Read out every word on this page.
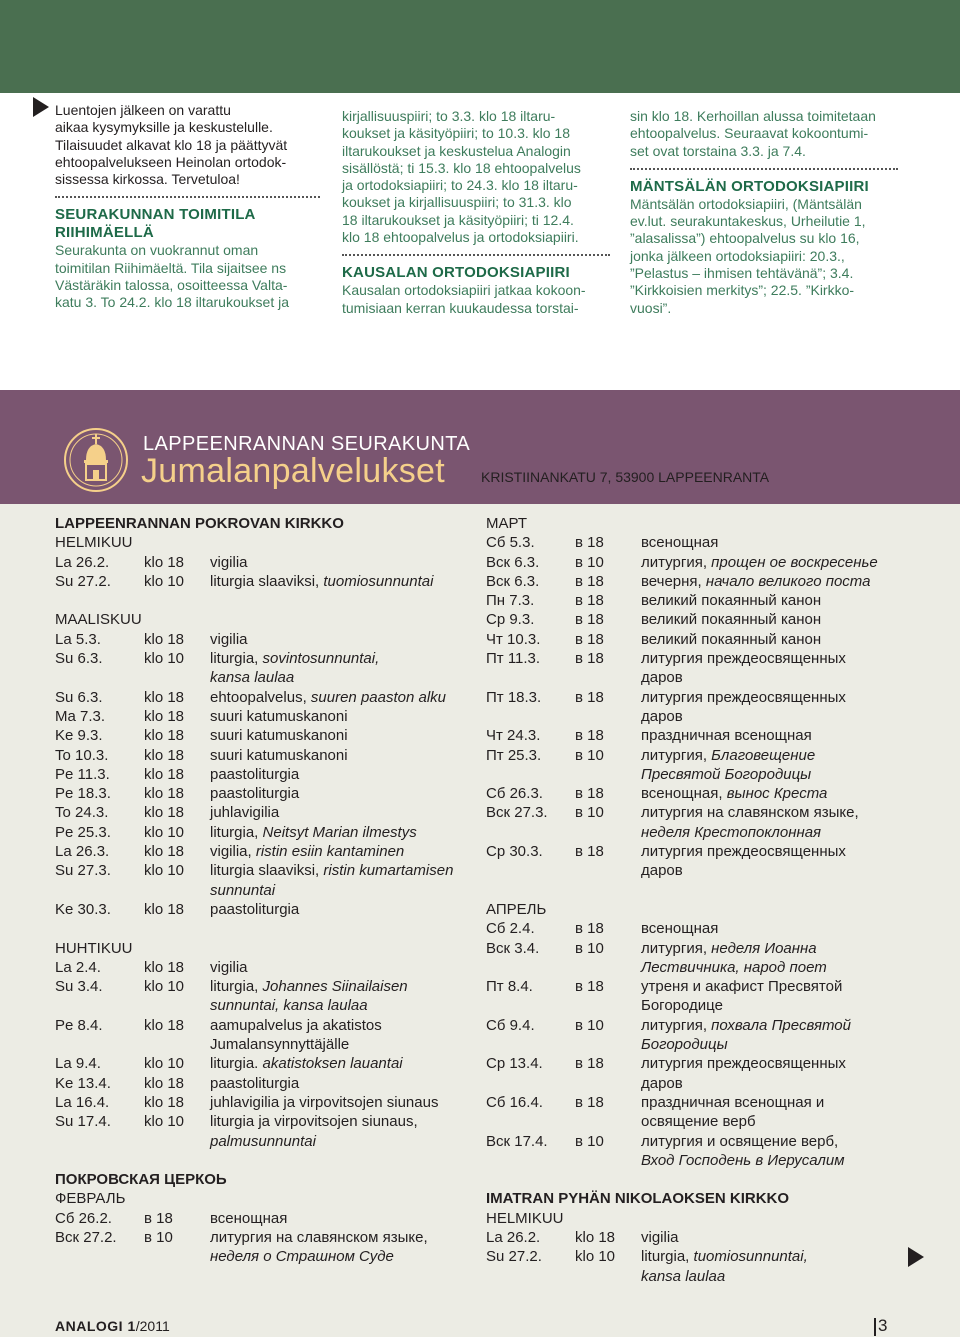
Luentojen jälkeen on varattu

aikaa kysymyksille ja keskustelulle.

Tilaisuudet alkavat klo 18 ja päättyvät

ehtoopalvelukseen Heinolan ortodok-

sissessa kirkossa. Tervetuloa!

SEURAKUNNAN TOIMITILA

RIIHIMÄELLÄ

Seurakunta on vuokrannut oman

toimitilan Riihimäeltä. Tila sijaitsee ns

Västäräkin talossa, osoitteessa Valta-

katu 3. To 24.2. klo 18 iltarukoukset ja

kirjallisuuspiiri; to 3.3. klo 18 iltaru-

koukset ja käsityöpiiri; to 10.3. klo 18

iltarukoukset ja keskustelua Analogin

sisällöstä; ti 15.3. klo 18 ehtoopalvelus

ja ortodoksiapiiri; to 24.3. klo 18 iltaru-

koukset ja kirjallisuuspiiri; to 31.3. klo

18 iltarukoukset ja käsityöpiiri; ti 12.4.

klo 18 ehtoopalvelus ja ortodoksiapiiri.

KAUSALAN ORTODOKSIAPIIRI

Kausalan ortodoksiapiiri jatkaa kokoon-

tumisiaan kerran kuukaudessa torstai-

sin klo 18. Kerhoillan alussa toimitetaan

ehtoopalvelus. Seuraavat kokoontumi-

set ovat torstaina 3.3. ja 7.4.

MÄNTSÄLÄN ORTODOKSIAPIIRI

Mäntsälän ortodoksiapiiri, (Mäntsälän

ev.lut. seurakuntakeskus, Urheilutie 1,

”alasalissa”) ehtoopalvelus su klo 16,

jonka jälkeen ortodoksiapiiri: 20.3.,

”Pelastus – ihmisen tehtävänä”; 3.4.

”Kirkkoisien merkitys”; 22.5. ”Kirkko-

vuosi”.

LAPPEENRANNAN SEURAKUNTA
Jumalanpalvelukset	KRISTIINANKATU 7, 53900 LAPPEENRANTA
LAPPEENRANNAN POKROVAN KIRKKO
HELMIKUU
La 26.2. klo 18 vigilia
Su 27.2. klo 10 liturgia slaaviksi, tuomiosunnuntai
MAALISKUU
La 5.3.	klo 18 vigilia
Su 6.3.	klo 10 liturgia, sovintosunnuntai,
kansa laulaa
Su 6.3.	klo 18 ehtoopalvelus, suuren paaston alku
Ma 7.3.	klo 18 suuri katumuskanoni
Ke 9.3.	klo 18 suuri katumuskanoni
To 10.3. klo 18 suuri katumuskanoni
Pe 11.3. klo 18 paastoliturgia
Pe 18.3. klo 18 paastoliturgia
To 24.3. klo 18 juhlavigilia
Pe 25.3. klo 10 liturgia, Neitsyt Marian ilmestys
La 26.3. klo 18 vigilia, ristin esiin kantaminen
Su 27.3. klo 10 liturgia slaaviksi, ristin kumartamisen
sunnuntai
Ke 30.3. klo 18 paastoliturgia
HUHTIKUU
La 2.4.	klo 18 vigilia
Su 3.4.	klo 10 liturgia, Johannes Siinailaisen
sunnuntai, kansa laulaa
Pe 8.4.	klo 18 aamupalvelus ja akatistos
Jumalansynnyttäjälle
La 9.4.	klo 10 liturgia. akatistoksen lauantai
Ke 13.4. klo 18 paastoliturgia
La 16.4. klo 18 juhlavigilia ja virpovitsojen siunaus
Su 17.4. klo 10 liturgia ja virpovitsojen siunaus,
palmusunnuntai
ПОКРОВСКАЯ ЦЕРКОЬ
ФЕВРАЛЬ
Сб 26.2. в 18 всенощная
Вск 27.2. в 10 литургия на славянском языке,
неделя о Страшном Суде
МАРТ
Сб 5.3.	в 18 всенощная
Вск 6.3. в 10 литургия, прощен ое воскресенье
Вск 6.3. в 18 вечерня, начало великого поста
Пн 7.3.	в 18 великий покаянный канон
Ср 9.3.	в 18 великий покаянный канон
Чт 10.3. в 18 великий покаянный канон
Пт 11.3. в 18 литургия преждеосвященных
даров
Пт 18.3. в 18 литургия преждеосвященных
даров
Чт 24.3. в 18 праздничная всенощная
Пт 25.3. в 10 литургия, Благовещение
Пресвятой Богородицы
Сб 26.3. в 18 всенощная, вынос Креста
Вск 27.3. в 10 литургия на славянском языке,
неделя Крестопоклонная
Ср 30.3. в 18 литургия преждеосвященных
даров
АПРЕЛЬ
Сб 2.4.	в 18 всенощная
Вск 3.4. в 10 литургия, неделя Иоанна
Лествичника, народ поет
Пт 8.4.	в 18 утреня и акафист Пресвятой
Богородице
Сб 9.4.	в 10 литургия, похвала Пресвятой
Богородицы
Ср 13.4. в 18 литургия преждеосвященных
даров
Сб 16.4. в 18 праздничная всенощная и
освящение верб
Вск 17.4. в 10 литургия и освящение верб,
Вход Господень в Иерусалим
IMATRAN PYHÄN NIKOLAOKSEN KIRKKO
HELMIKUU
La 26.2. klo 18 vigilia
Su 27.2. klo 10 liturgia, tuomiosunnuntai,
kansa laulaa
ANALOGI 1/2011	3
